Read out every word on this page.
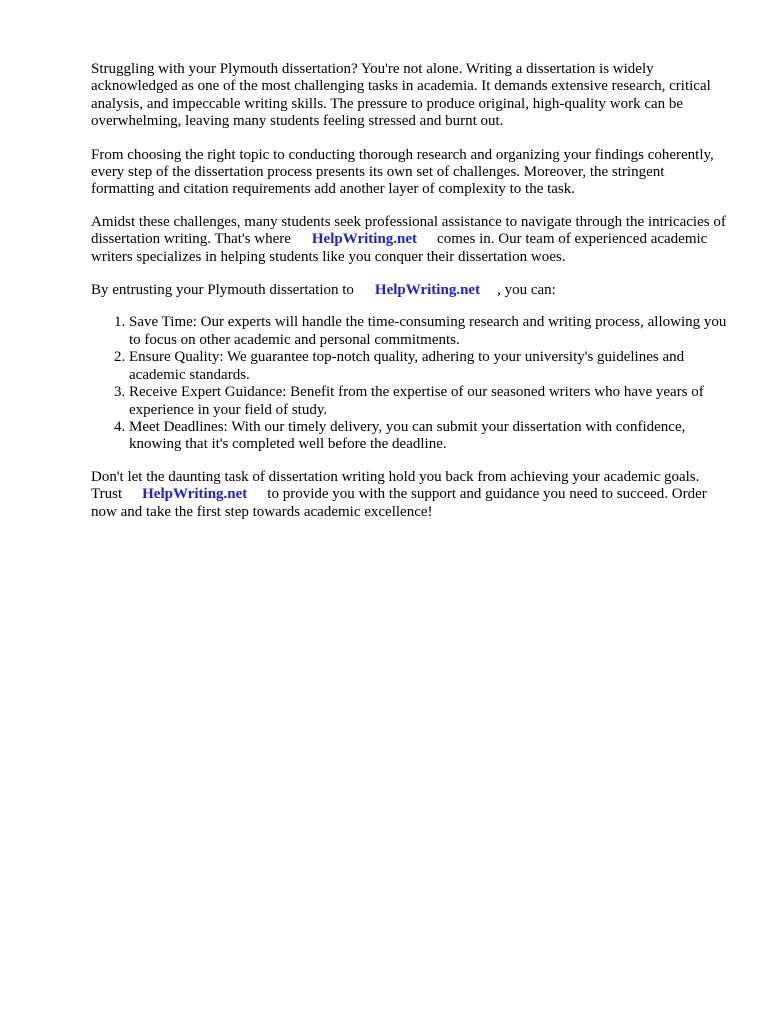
Struggling with your Plymouth dissertation? You're not alone. Writing a dissertation is widely acknowledged as one of the most challenging tasks in academia. It demands extensive research, critical analysis, and impeccable writing skills. The pressure to produce original, high-quality work can be overwhelming, leaving many students feeling stressed and burnt out.

From choosing the right topic to conducting thorough research and organizing your findings coherently, every step of the dissertation process presents its own set of challenges. Moreover, the stringent formatting and citation requirements add another layer of complexity to the task.

Amidst these challenges, many students seek professional assistance to navigate through the intricacies of dissertation writing. That's where HelpWriting.net comes in. Our team of experienced academic writers specializes in helping students like you conquer their dissertation woes.

By entrusting your Plymouth dissertation to HelpWriting.net , you can:

1. Save Time: Our experts will handle the time-consuming research and writing process, allowing you to focus on other academic and personal commitments.
2. Ensure Quality: We guarantee top-notch quality, adhering to your university's guidelines and academic standards.
3. Receive Expert Guidance: Benefit from the expertise of our seasoned writers who have years of experience in your field of study.
4. Meet Deadlines: With our timely delivery, you can submit your dissertation with confidence, knowing that it's completed well before the deadline.

Don't let the daunting task of dissertation writing hold you back from achieving your academic goals. Trust HelpWriting.net to provide you with the support and guidance you need to succeed. Order now and take the first step towards academic excellence!
